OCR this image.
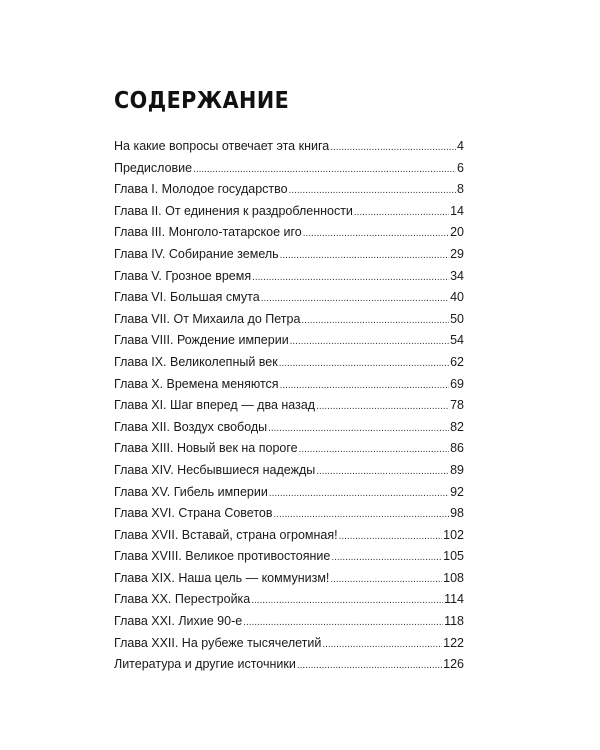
СОДЕРЖАНИЕ
На какие вопросы отвечает эта книга . . .	4
Предисловие . . .	6
Глава I. Молодое государство . . .	8
Глава II. От единения к раздробленности . . .	14
Глава III. Монголо-татарское иго . . .	20
Глава IV. Собирание земель . . .	29
Глава V. Грозное время . . .	34
Глава VI. Большая смута . . .	40
Глава VII. От Михаила до Петра . . .	50
Глава VIII. Рождение империи . . .	54
Глава IX. Великолепный век . . .	62
Глава X. Времена меняются . . .	69
Глава XI. Шаг вперед — два назад . . .	78
Глава XII. Воздух свободы . . .	82
Глава XIII. Новый век на пороге . . .	86
Глава XIV. Несбывшиеся надежды . . .	89
Глава XV. Гибель империи . . .	92
Глава XVI. Страна Советов . . .	98
Глава XVII. Вставай, страна огромная! . . .	102
Глава XVIII. Великое противостояние . . .	105
Глава XIX. Наша цель — коммунизм! . . .	108
Глава XX. Перестройка . . .	114
Глава XXI. Лихие 90-е . . .	118
Глава XXII. На рубеже тысячелетий . . .	122
Литература и другие источники . . .	126
